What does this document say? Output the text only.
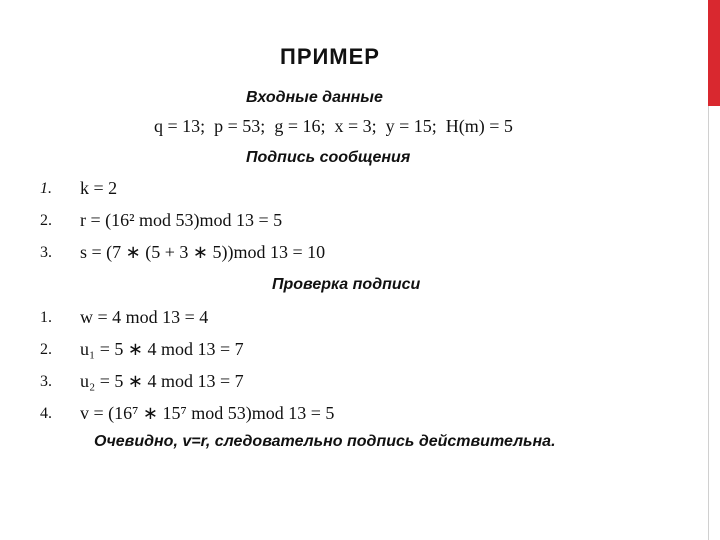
ПРИМЕР
Входные данные
q = 13; p = 53; g = 16; x = 3; y = 15; H(m) = 5
Подпись сообщения
1. k = 2
2. r = (16² mod 53)mod 13 = 5
3. s = (7 ∗ (5 + 3 ∗ 5))mod 13 = 10
Проверка подписи
1. w = 4 mod 13 = 4
2. u₁ = 5 ∗ 4 mod 13 = 7
3. u₂ = 5 ∗ 4 mod 13 = 7
4. v = (16⁷ ∗ 15⁷ mod 53)mod 13 = 5
Очевидно, v=r, следовательно подпись действительна.
